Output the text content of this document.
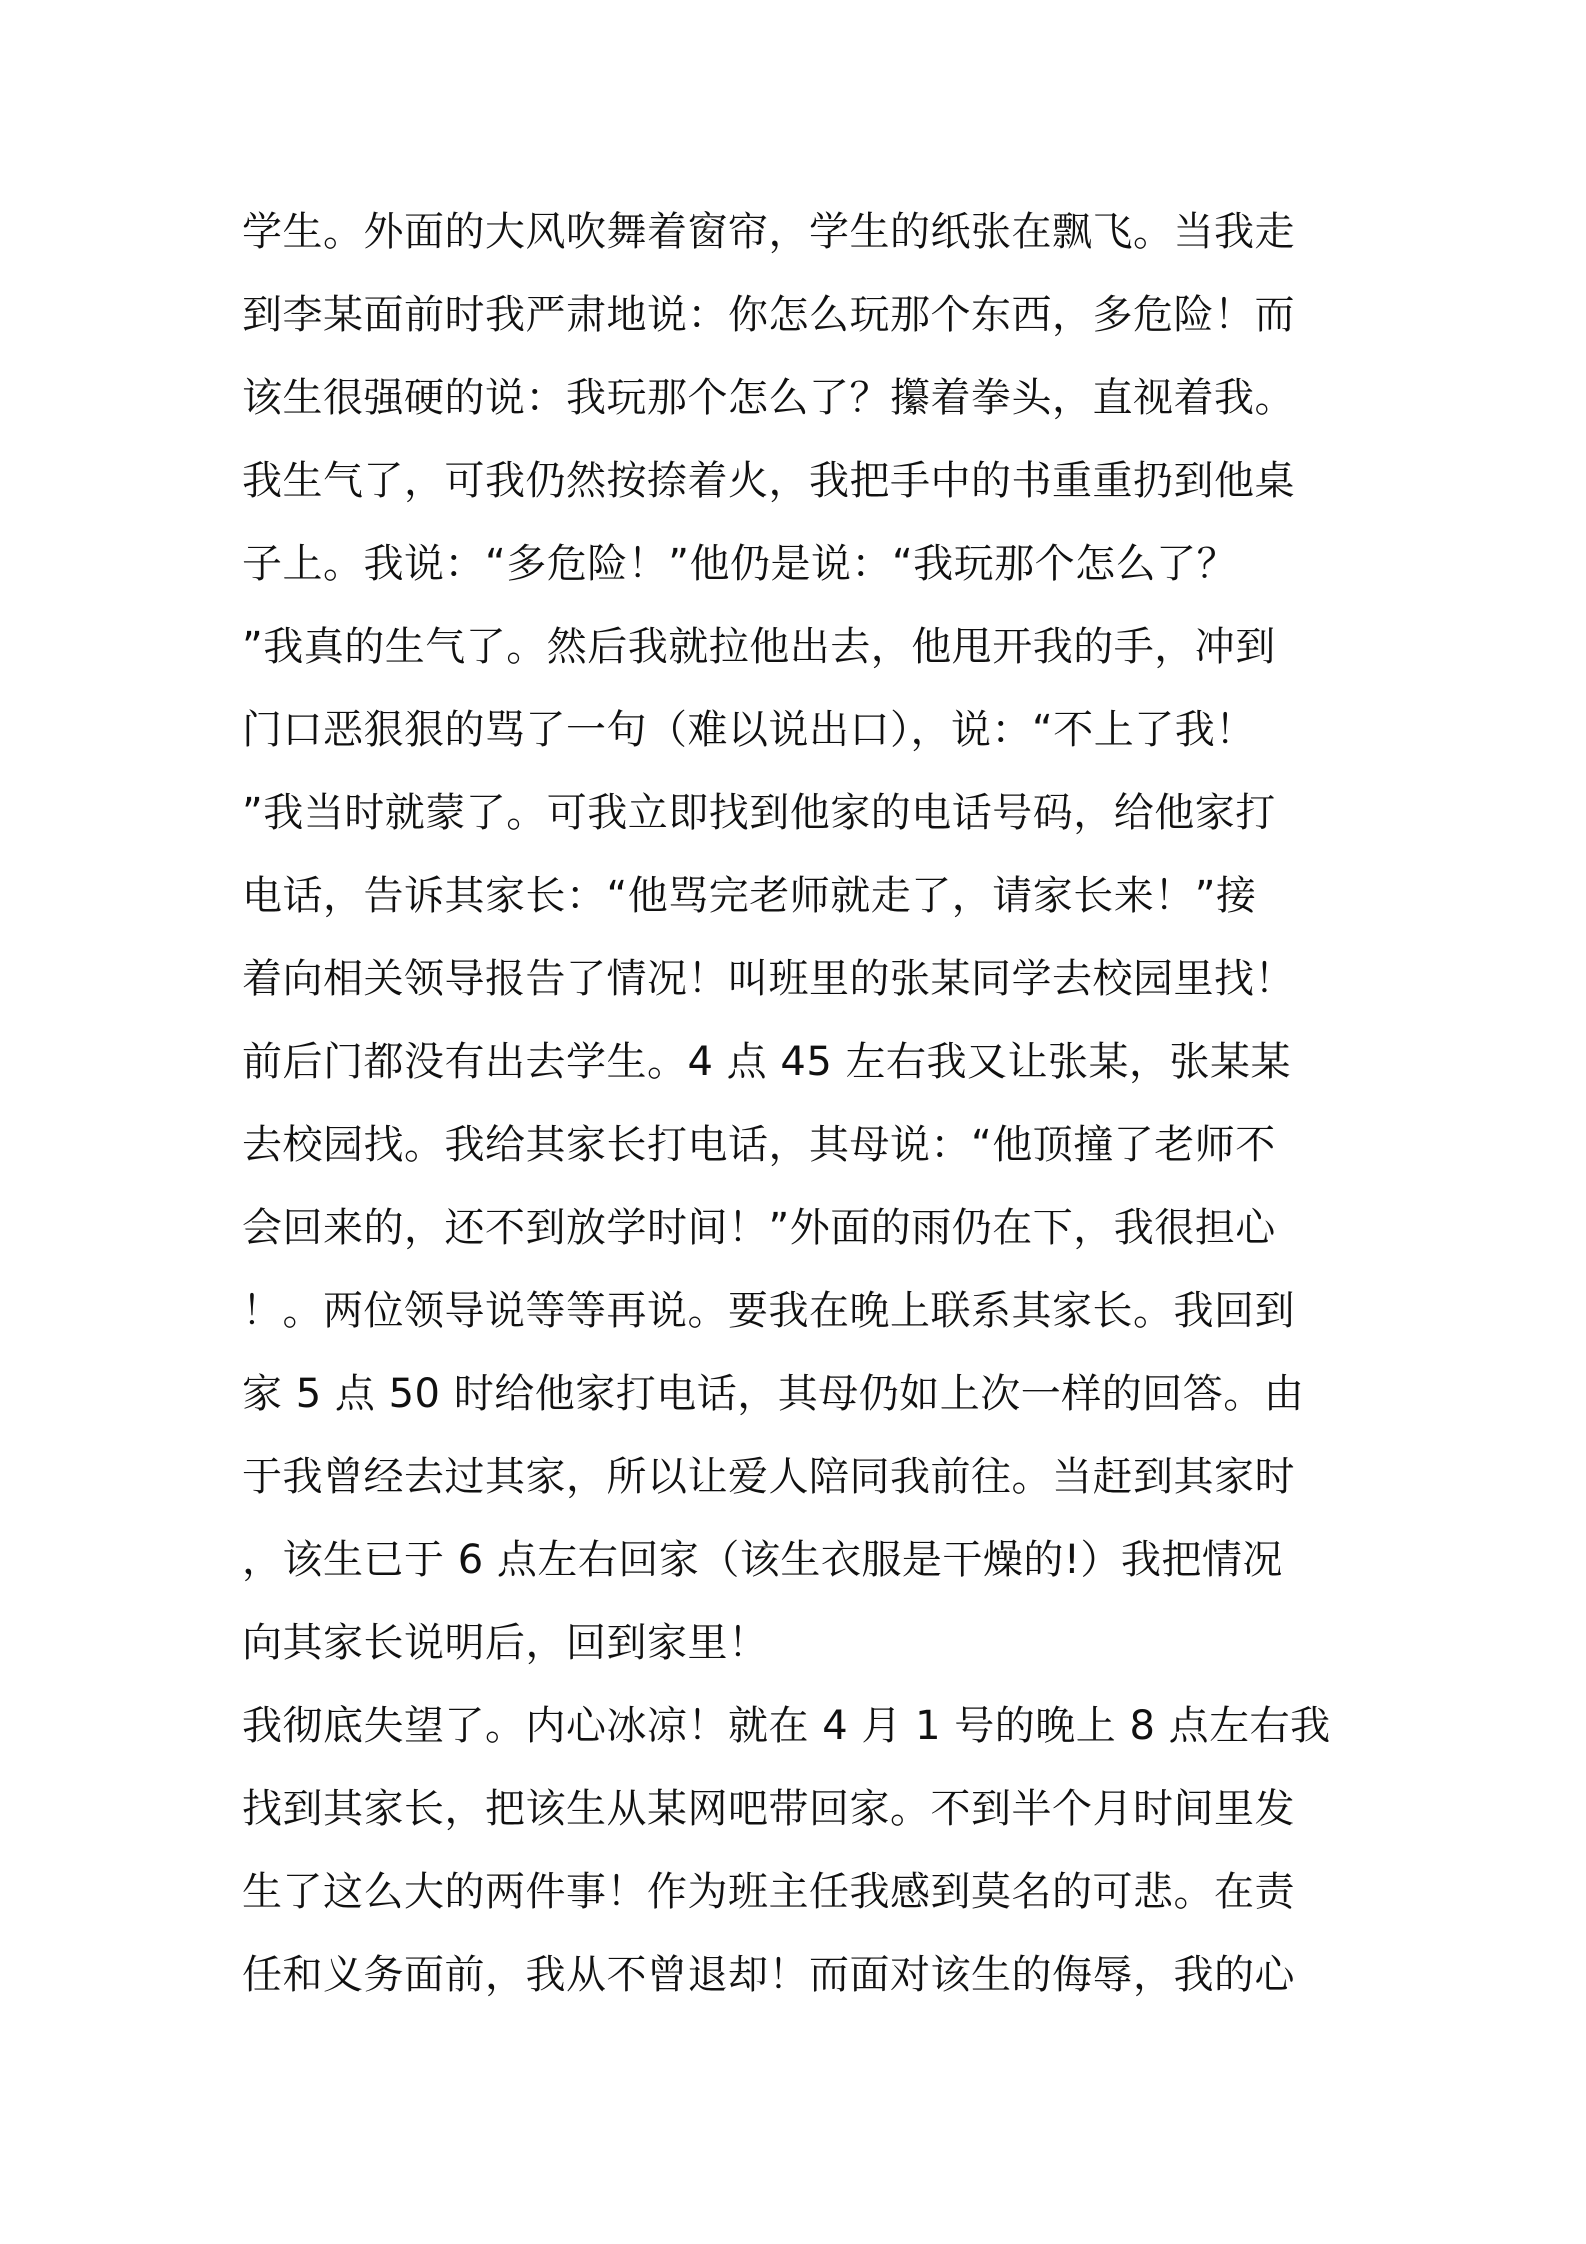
学生。外面的大风吹舞着窗帘，学生的纸张在飘飞。当我走
到李某面前时我严肃地说：你怎么玩那个东西，多危险！而
该生很强硬的说：我玩那个怎么了？攥着拳头，直视着我。
我生气了，可我仍然按捺着火，我把手中的书重重扔到他桌
子上。我说：“多危险！”他仍是说：“我玩那个怎么了？
”我真的生气了。然后我就拉他出去，他甩开我的手，冲到
门口恶狠狠的骂了一句（难以说出口），说：“不上了我！
”我当时就蒙了。可我立即找到他家的电话号码，给他家打
电话，告诉其家长：“他骂完老师就走了，请家长来！”接
着向相关领导报告了情况！叫班里的张某同学去校园里找！
前后门都没有出去学生。4 点 45 左右我又让张某，张某某
去校园找。我给其家长打电话，其母说：“他顶撞了老师不
会回来的，还不到放学时间！”外面的雨仍在下，我很担心
！。两位领导说等等再说。要我在晚上联系其家长。我回到
家 5 点 50 时给他家打电话，其母仍如上次一样的回答。由
于我曾经去过其家，所以让爱人陪同我前往。当赶到其家时
，该生已于 6 点左右回家（该生衣服是干燥的!）我把情况
向其家长说明后，回到家里！
我彻底失望了。内心冰凉！就在 4 月 1 号的晚上 8 点左右我
找到其家长，把该生从某网吧带回家。不到半个月时间里发
生了这么大的两件事！作为班主任我感到莫名的可悲。在责
任和义务面前，我从不曾退却！而面对该生的侮辱，我的心
